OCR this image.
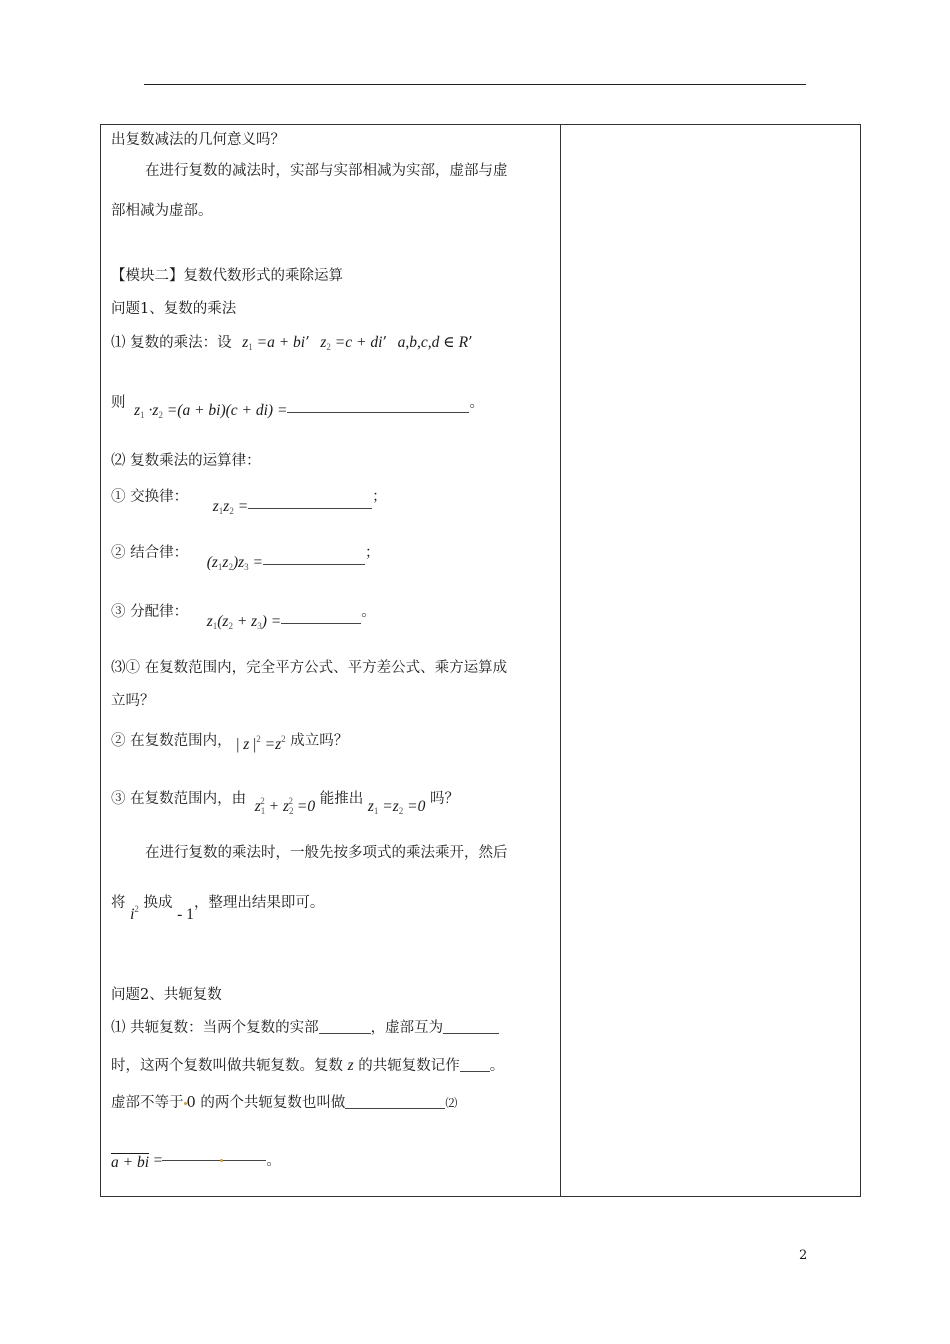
出复数减法的几何意义吗？
在进行复数的减法时，实部与实部相减为实部，虚部与虚
部相减为虚部。
【模块二】复数代数形式的乘除运算
问题1、复数的乘法
⑴ 复数的乘法：设 $z_1 =a$ + bi’ $z_2 =c$ + di’ a,b,c,d ∈ R’
则 $z_1 \cdot z_2 =(a + bi)(c + di)$ =	。
⑵ 复数乘法的运算律：
① 交换律： $z_1z_2$ =；
② 结合律： $(z_1z_2)z_3$ =；
③ 分配律： $z_1(z_2 + z_3)$ =。
⑶① 在复数范围内，完全平方公式、平方差公式、乘方运算成
立吗？
② 在复数范围内， | z $|^2 =z^2$ 成立吗？
③ 在复数范围内，由 $z_1^2 + z_2^2 =0$ 能推出 $z_1 =z_2 =0$ 吗？
在进行复数的乘法时，一般先按多项式的乘法乘开，然后
将 $i^2$ 换成 - 1，整理出结果即可。
问题2、共轭复数
⑴ 共轭复数：当两个复数的实部	，虚部互为
时，这两个复数叫做共轭复数。复数 z 的共轭复数记作 。
虚部不等于 0 的两个共轭复数也叫做	⑵
a + bi =	。
2
